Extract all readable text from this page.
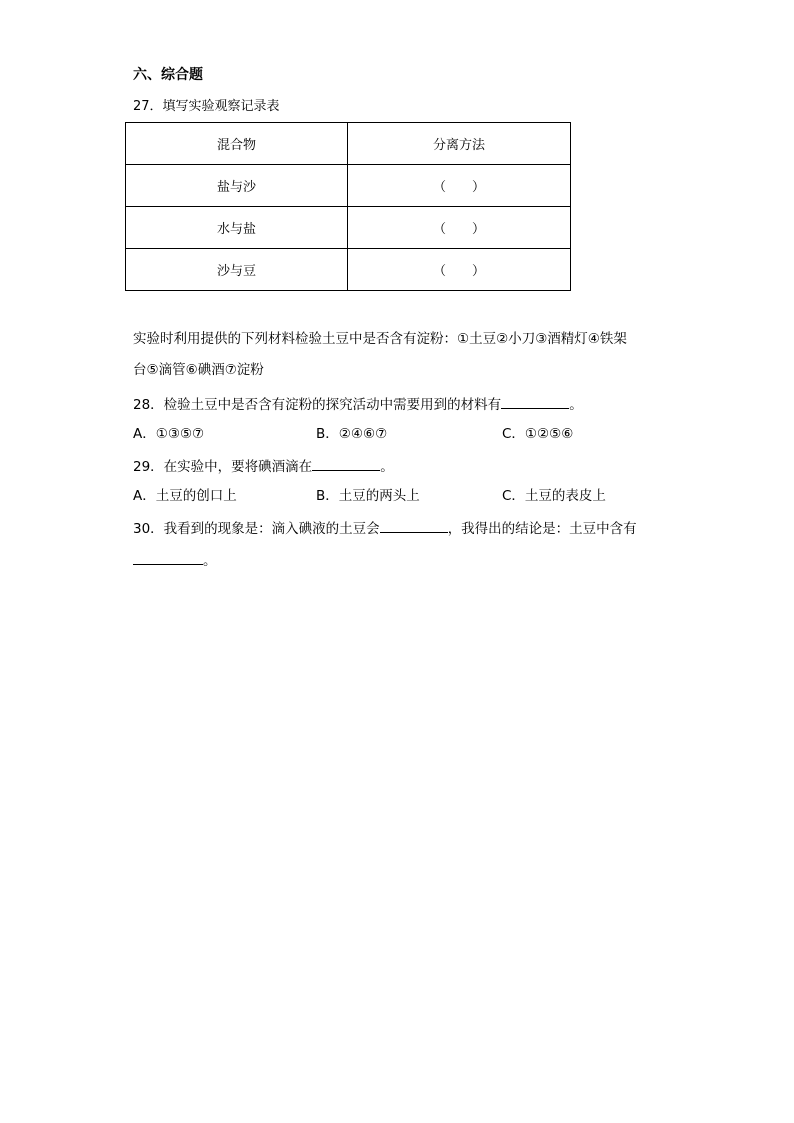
六、综合题
27．填写实验观察记录表
混合物	分离方法
盐与沙	（　　）
水与盐	（　　）
沙与豆	（　　）
实验时利用提供的下列材料检验土豆中是否含有淀粉：①土豆②小刀③酒精灯④铁架
台⑤滴管⑥碘酒⑦淀粉
28．检验土豆中是否含有淀粉的探究活动中需要用到的材料有	。
A．①③⑤⑦	B．②④⑥⑦	C．①②⑤⑥
29．在实验中，要将碘酒滴在	。
A．土豆的创口上	B．土豆的两头上	C．土豆的表皮上
30．我看到的现象是：滴入碘液的土豆会	，我得出的结论是：土豆中含有
。
